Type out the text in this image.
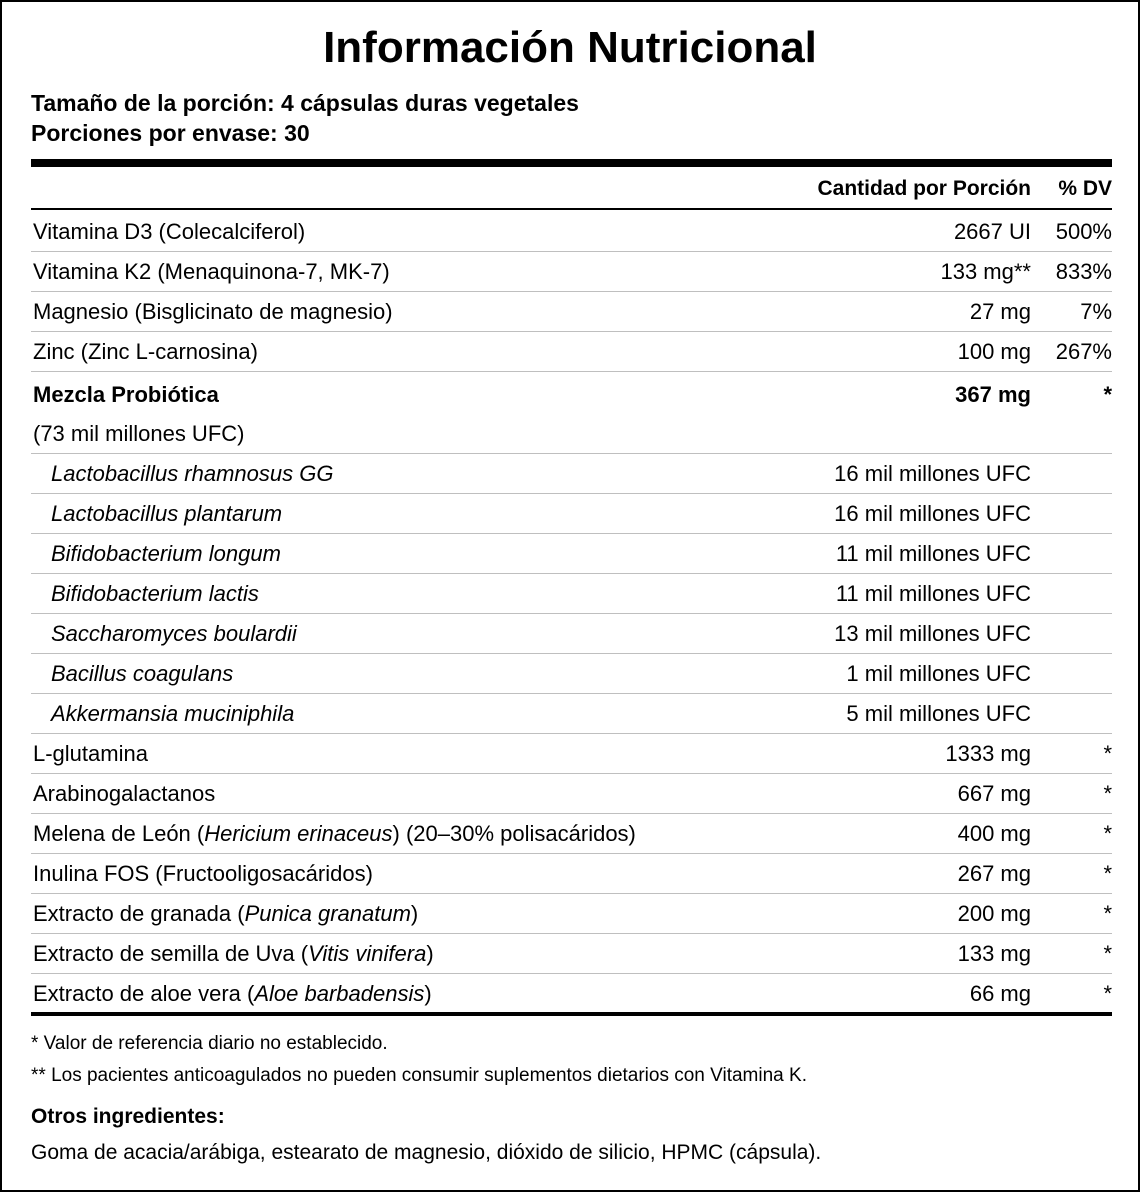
Información Nutricional
Tamaño de la porción: 4 cápsulas duras vegetales
Porciones por envase: 30
Cantidad por Porción % DV
Vitamina D3 (Colecalciferol)	2667 UI 500%
Vitamina K2 (Menaquinona-7, MK-7)	133 mg** 833%
Magnesio (Bisglicinato de magnesio)	27 mg 7%
Zinc (Zinc L-carnosina)	100 mg 267%
Mezcla Probiótica	367 mg	*
(73 mil millones UFC)
Lactobacillus rhamnosus GG	16 mil millones UFC
Lactobacillus plantarum	16 mil millones UFC
Bifidobacterium longum	11 mil millones UFC
Bifidobacterium lactis	11 mil millones UFC
Saccharomyces boulardii	13 mil millones UFC
Bacillus coagulans	1 mil millones UFC
Akkermansia muciniphila	5 mil millones UFC
L-glutamina	1333 mg	*
Arabinogalactanos	667 mg	*
Melena de León (Hericium erinaceus) (20–30% polisacáridos)	400 mg	*
Inulina FOS (Fructooligosacáridos)	267 mg	*
Extracto de granada (Punica granatum)	200 mg	*
Extracto de semilla de Uva (Vitis vinifera)	133 mg	*
Extracto de aloe vera (Aloe barbadensis)	66 mg	*
* Valor de referencia diario no establecido.
** Los pacientes anticoagulados no pueden consumir suplementos dietarios con Vitamina K.
Otros ingredientes:
Goma de acacia/arábiga, estearato de magnesio, dióxido de silicio, HPMC (cápsula).
